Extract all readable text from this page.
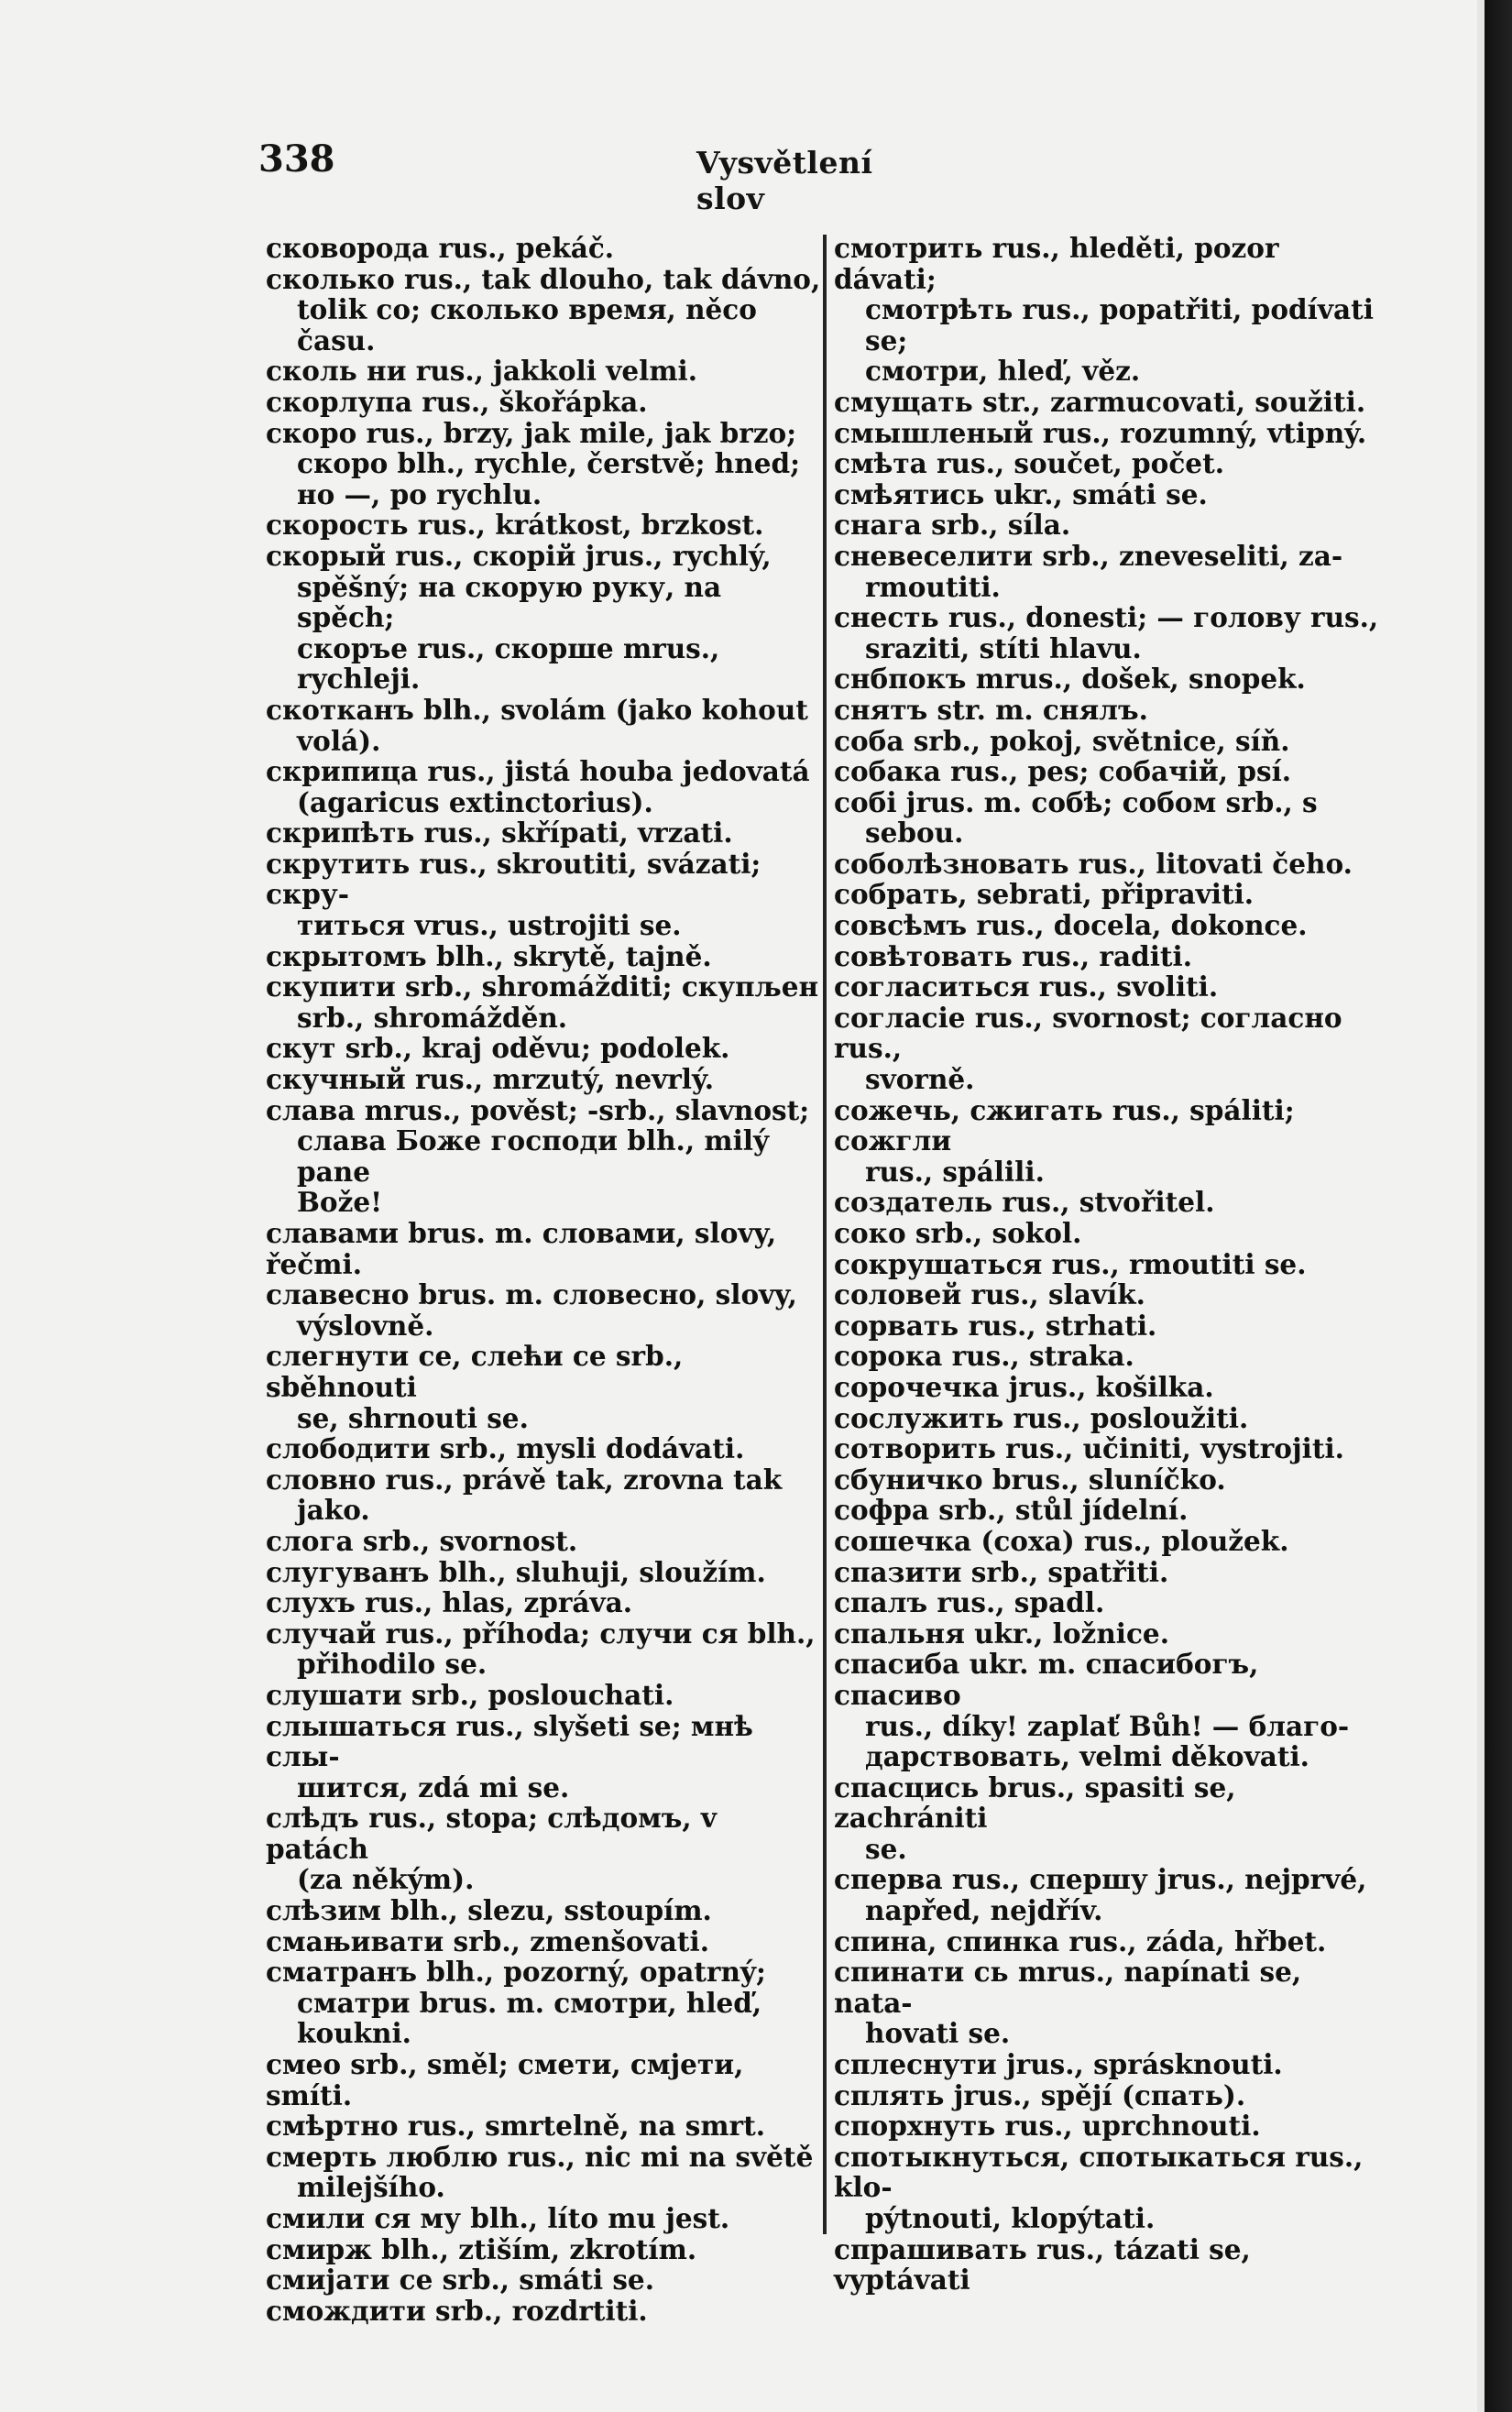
338	Vysvětlení slov
сковорода rus., pekáč.
сколько rus., tak dlouho, tak dávno,
tolik co; сколько время, něco času.
сколь ни rus., jakkoli velmi.
скорлупа rus., škořápka.
скоро rus., brzy, jak mile, jak brzo;
скоро blh., rychle, čerstvě; hned;
но —, po rychlu.
скорость rus., krátkost, brzkost.
скорый rus., скорій jrus., rychlý,
spěšný; на скорую руку, na spěch;
скоръе rus., скорше mrus., rychleji.
скотканъ blh., svolám (jako kohout
volá).
скрипица rus., jistá houba jedovatá
(agaricus extinctorius).
скрипѣть rus., skřípati, vrzati.
скрутить rus., skroutiti, svázati; скру-
титься vrus., ustrojiti se.
скрытомъ blh., skrytě, tajně.
скупити srb., shromážditi; скупљен
srb., shromážděn.
скут srb., kraj oděvu; podolek.
скучный rus., mrzutý, nevrlý.
слава mrus., pověst; -srb., slavnost;
слава Боже господи blh., milý pane
Bože!
славами brus. m. словами, slovy, řečmi.
славесно brus. m. словесно, slovy,
výslovně.
слегнути се, слећи се srb., sběhnouti
se, shrnouti se.
слободити srb., mysli dodávati.
словно rus., právě tak, zrovna tak
jako.
слога srb., svornost.
слугуванъ blh., sluhuji, sloužím.
слухъ rus., hlas, zpráva.
случай rus., příhoda; случи ся blh.,
přihodilo se.
слушати srb., poslouchati.
слышаться rus., slyšeti se; мнѣ слы-
шится, zdá mi se.
слѣдъ rus., stopa; слѣдомъ, v patách
(za někým).
слѣзим blh., slezu, sstoupím.
смањивати srb., zmenšovati.
сматранъ blh., pozorný, opatrný;
сматри brus. m. смотри, hleď,
koukni.
смео srb., směl; смети, смјети, smíti.
смѣртно rus., smrtelně, na smrt.
смерть люблю rus., nic mi na světě
milejšího.
смили ся му blh., líto mu jest.
смирж blh., ztiším, zkrotím.
смијати се srb., smáti se.
смождити srb., rozdrtiti.
смотрить rus., hleděti, pozor dávati;
смотрѣть rus., popatřiti, podívati se;
смотри, hleď, věz.
смущать str., zarmucovati, soužiti.
смышленый rus., rozumný, vtipný.
смѣта rus., součet, počet.
смѣятись ukr., smáti se.
снага srb., síla.
сневеселити srb., zneveseliti, za-
rmoutiti.
снесть rus., donesti; — голову rus.,
sraziti, stíti hlavu.
снбпокъ mrus., došek, snopek.
снятъ str. m. снялъ.
соба srb., pokoj, světnice, síň.
собака rus., pes; собачій, psí.
собі jrus. m. собѣ; собом srb., s
sebou.
соболѣзновать rus., litovati čeho.
собрать, sebrati, připraviti.
совсѣмъ rus., docela, dokonce.
совѣтовать rus., raditi.
согласиться rus., svoliti.
согласіе rus., svornost; согласно rus.,
svorně.
сожечь, сжигать rus., spáliti; сожгли
rus., spálili.
создатель rus., stvořitel.
соко srb., sokol.
сокрушаться rus., rmoutiti se.
соловей rus., slavík.
сорвать rus., strhati.
сорока rus., straka.
сорочечка jrus., košilka.
сослужить rus., posloužiti.
сотворить rus., učiniti, vystrojiti.
сбуничко brus., sluníčko.
софра srb., stůl jídelní.
сошечка (соха) rus., ploužek.
спазити srb., spatřiti.
спалъ rus., spadl.
спальня ukr., ložnice.
спасиба ukr. m. спасибогъ, спасиво
rus., díky! zaplať Bůh! — благо-
дарствовать, velmi děkovati.
спасцись brus., spasiti se, zachrániti
se.
сперва rus., спершу jrus., nejprvé,
napřed, nejdřív.
спина, спинка rus., záda, hřbet.
спинати сь mrus., napínati se, nata-
hovati se.
сплеснути jrus., sprásknouti.
сплять jrus., spějí (спать).
спорхнуть rus., uprchnouti.
спотыкнуться, спотыкаться rus., klo-
pýtnouti, klopýtati.
спрашивать rus., tázati se, vyptávati
